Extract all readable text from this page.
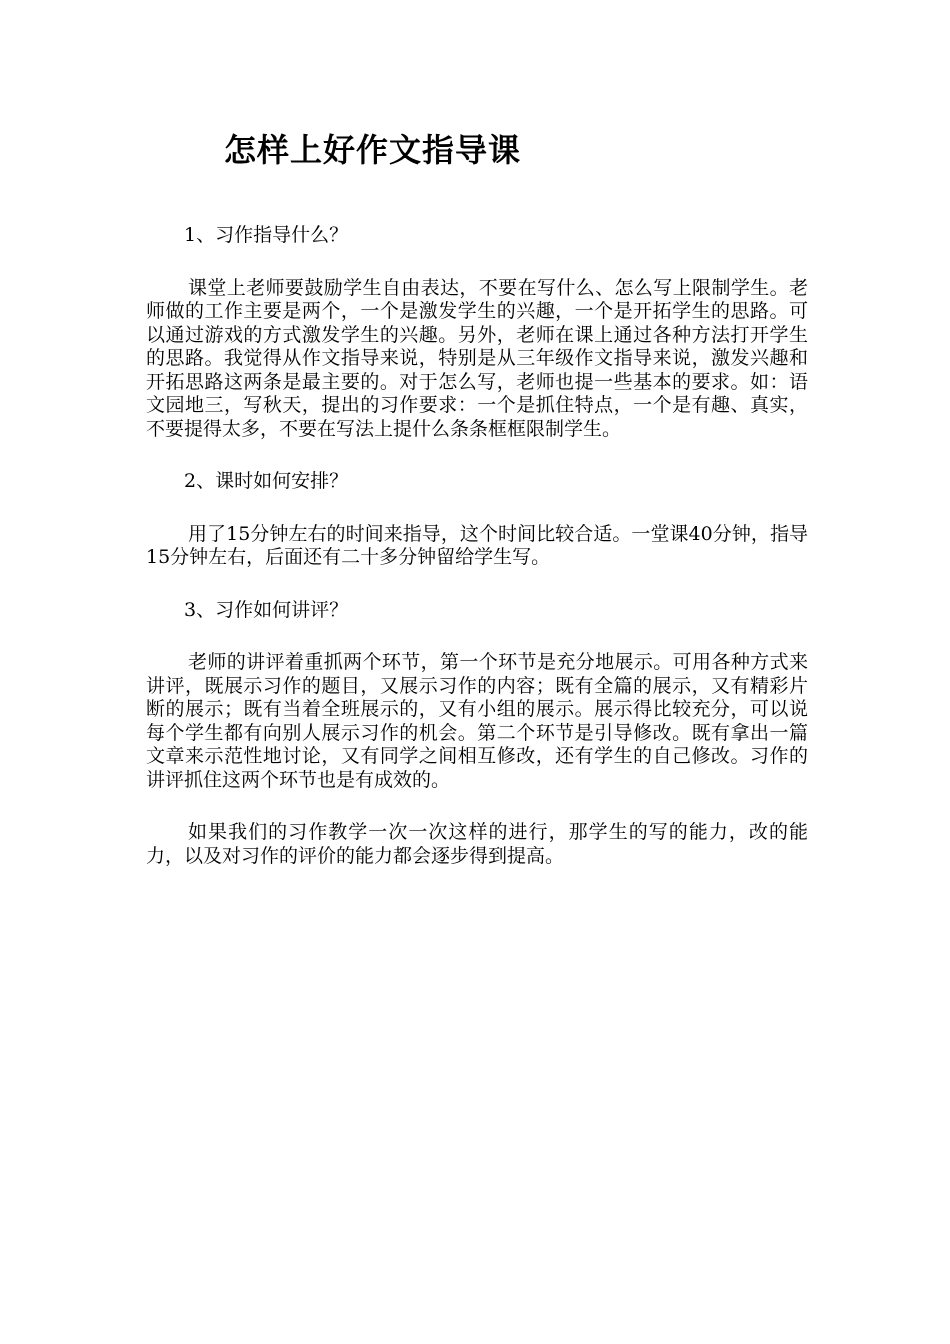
怎样上好作文指导课

1、习作指导什么？

课堂上老师要鼓励学生自由表达，不要在写什么、怎么写上限制学生。老师做的工作主要是两个，一个是激发学生的兴趣，一个是开拓学生的思路。可以通过游戏的方式激发学生的兴趣。另外，老师在课上通过各种方法打开学生的思路。我觉得从作文指导来说，特别是从三年级作文指导来说，激发兴趣和开拓思路这两条是最主要的。对于怎么写，老师也提一些基本的要求。如：语文园地三，写秋天，提出的习作要求：一个是抓住特点，一个是有趣、真实，不要提得太多，不要在写法上提什么条条框框限制学生。

2、课时如何安排？

用了15分钟左右的时间来指导，这个时间比较合适。一堂课40分钟，指导15分钟左右，后面还有二十多分钟留给学生写。

3、习作如何讲评？

老师的讲评着重抓两个环节，第一个环节是充分地展示。可用各种方式来讲评，既展示习作的题目，又展示习作的内容；既有全篇的展示，又有精彩片断的展示；既有当着全班展示的，又有小组的展示。展示得比较充分，可以说每个学生都有向别人展示习作的机会。第二个环节是引导修改。既有拿出一篇文章来示范性地讨论，又有同学之间相互修改，还有学生的自己修改。习作的讲评抓住这两个环节也是有成效的。

如果我们的习作教学一次一次这样的进行，那学生的写的能力，改的能力，以及对习作的评价的能力都会逐步得到提高。
